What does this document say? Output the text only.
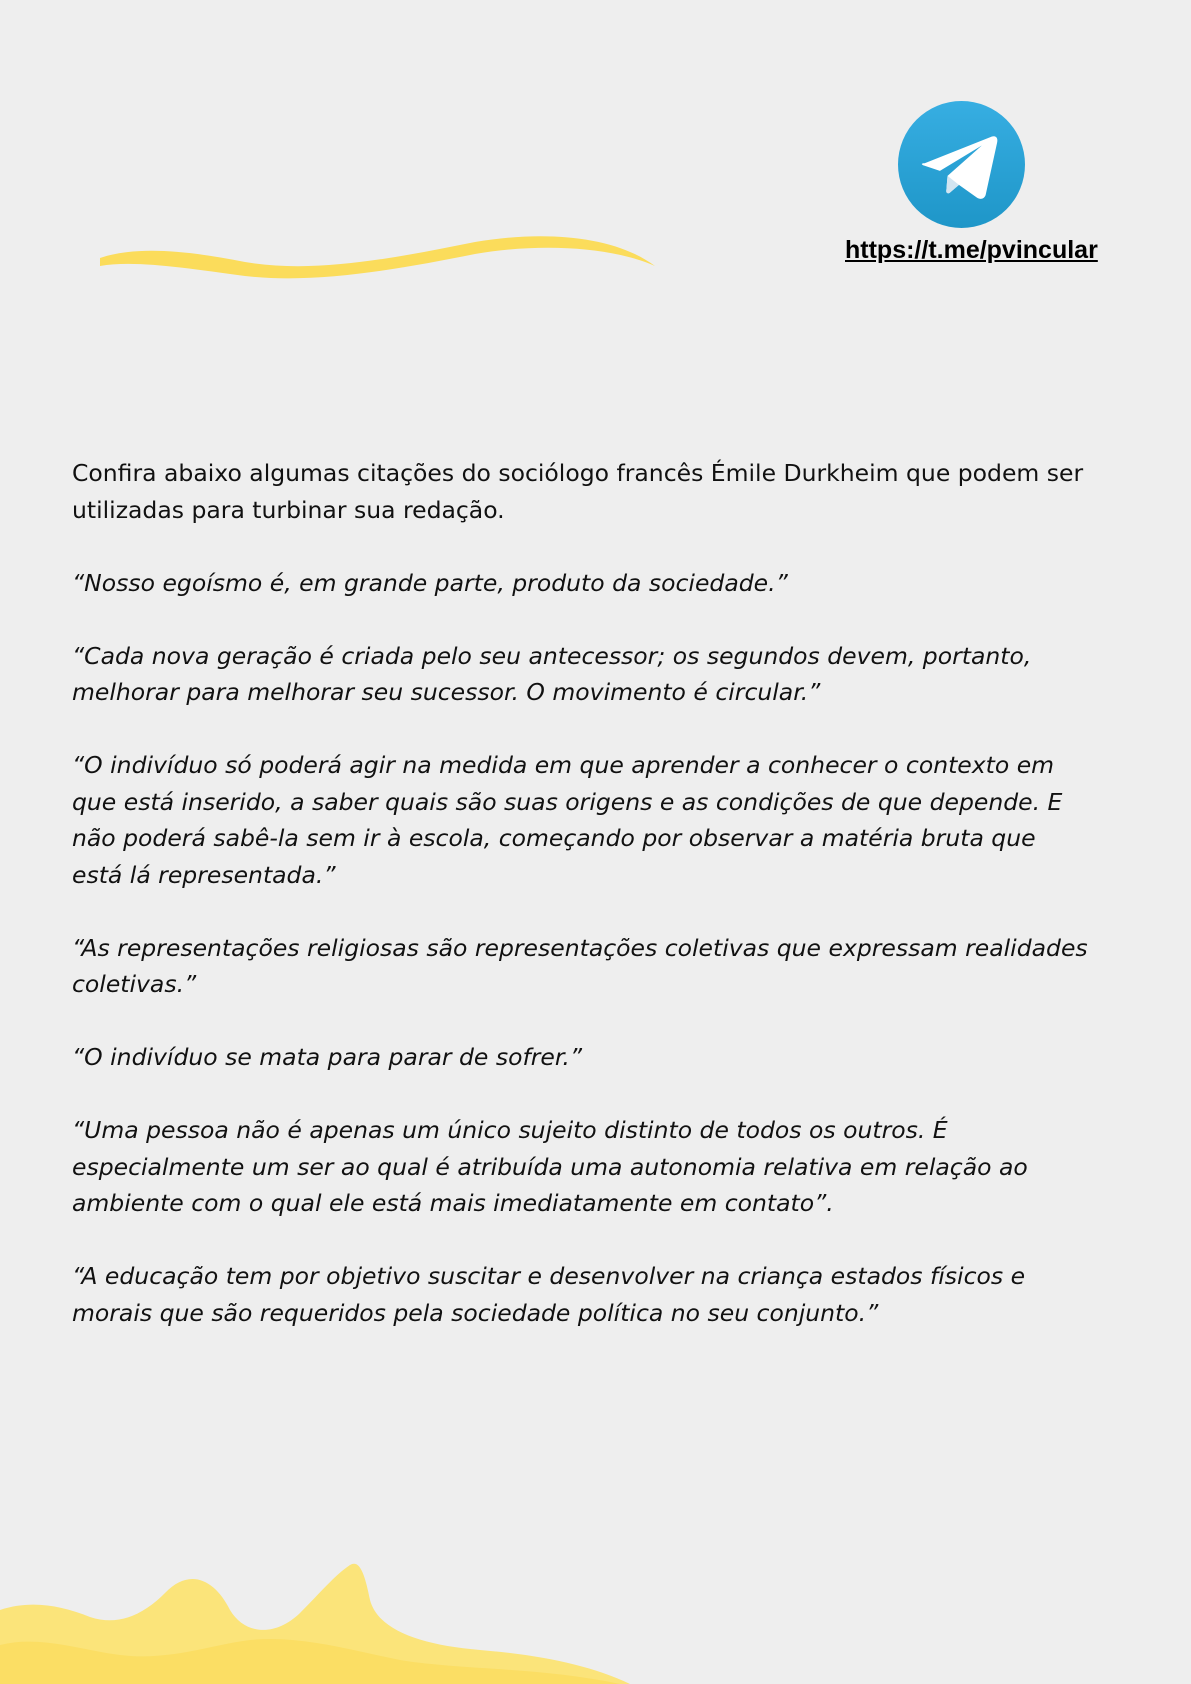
https://t.me/pvincular

Confira abaixo algumas citações do sociólogo francês Émile Durkheim que podem ser utilizadas para turbinar sua redação.

“Nosso egoísmo é, em grande parte, produto da sociedade.”

“Cada nova geração é criada pelo seu antecessor; os segundos devem, portanto, melhorar para melhorar seu sucessor. O movimento é circular.”

“O indivíduo só poderá agir na medida em que aprender a conhecer o contexto em que está inserido, a saber quais são suas origens e as condições de que depende. E não poderá sabê-la sem ir à escola, começando por observar a matéria bruta que está lá representada.”

“As representações religiosas são representações coletivas que expressam realidades coletivas.”

“O indivíduo se mata para parar de sofrer.”

“Uma pessoa não é apenas um único sujeito distinto de todos os outros. É especialmente um ser ao qual é atribuída uma autonomia relativa em relação ao ambiente com o qual ele está mais imediatamente em contato”.

“A educação tem por objetivo suscitar e desenvolver na criança estados físicos e morais que são requeridos pela sociedade política no seu conjunto.”
